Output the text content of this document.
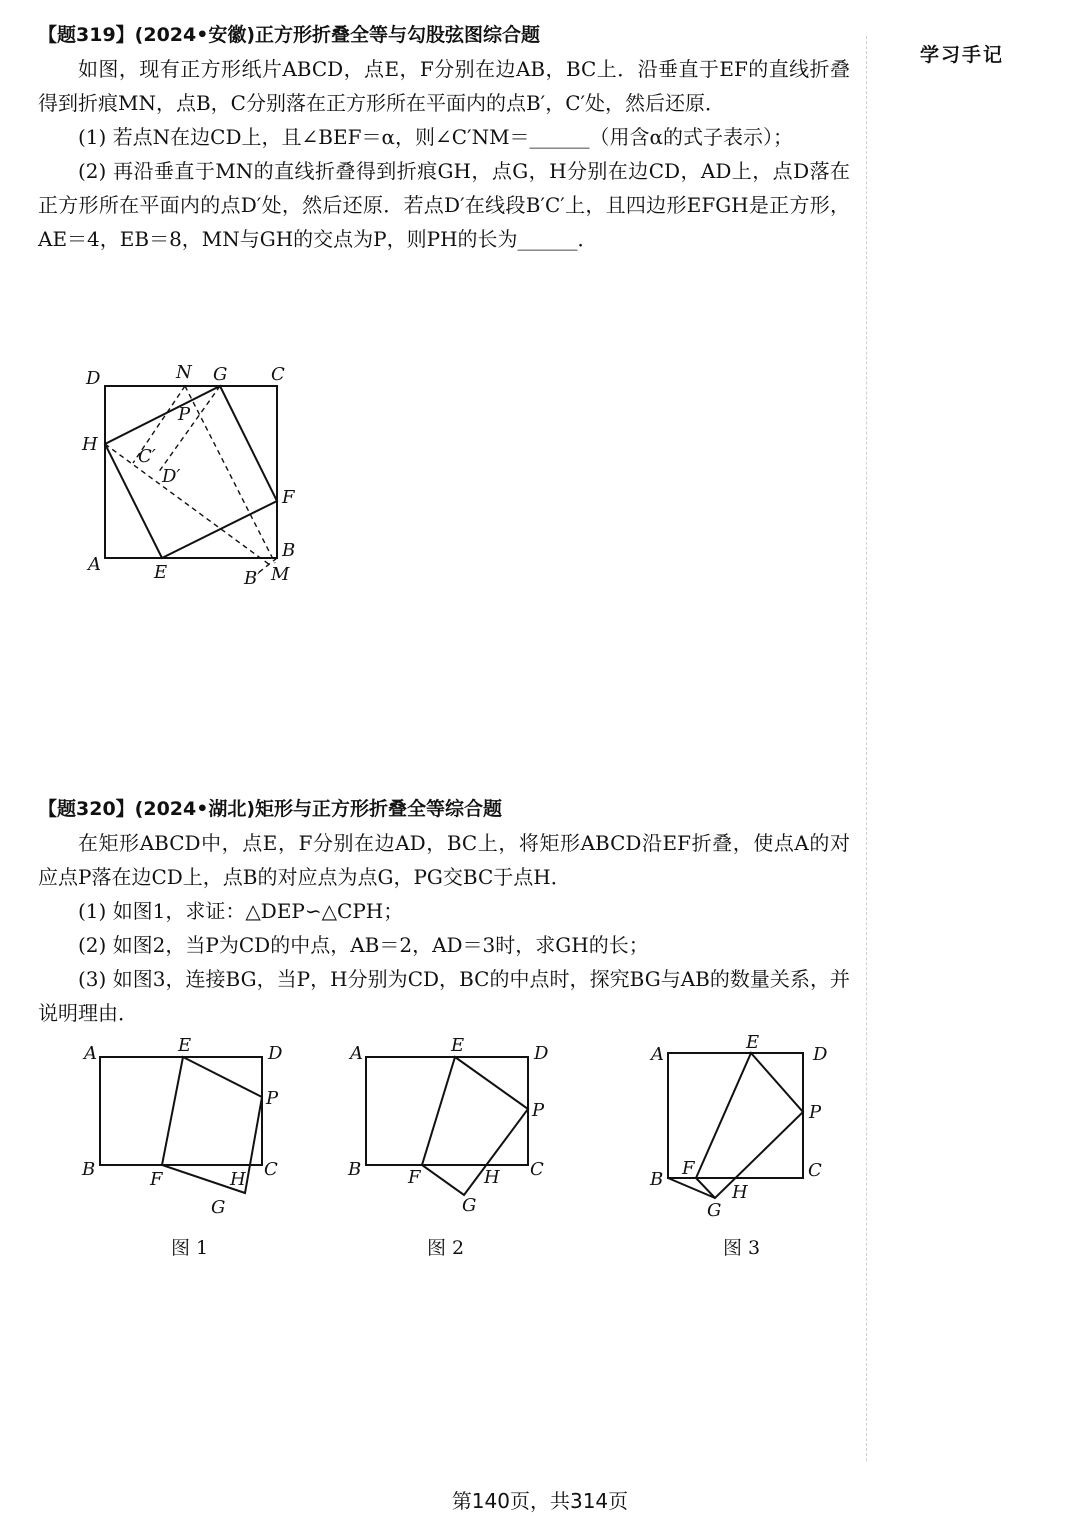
学习手记
【题319】(2024•安徽)正方形折叠全等与勾股弦图综合题

如图，现有正方形纸片ABCD，点E，F分别在边AB，BC上．沿垂直于EF的直线折叠得到折痕MN，点B，C分别落在正方形所在平面内的点B′，C′处，然后还原．

(1) 若点N在边CD上，且∠BEF＝α，则∠C′NM＝______（用含α的式子表示）；

(2) 再沿垂直于MN的直线折叠得到折痕GH，点G，H分别在边CD，AD上，点D落在正方形所在平面内的点D′处，然后还原．若点D′在线段B′C′上，且四边形EFGH是正方形，AE＝4，EB＝8，MN与GH的交点为P，则PH的长为______．

D	N G C
P
H
C′
D′
F
A	E
B
B′ M
【题320】(2024•湖北)矩形与正方形折叠全等综合题

在矩形ABCD中，点E，F分别在边AD，BC上，将矩形ABCD沿EF折叠，使点A的对应点P落在边CD上，点B的对应点为点G，PG交BC于点H．

(1) 如图1，求证：△DEP∽△CPH；

(2) 如图2，当P为CD的中点，AB＝2，AD＝3时，求GH的长；

(3) 如图3，连接BG，当P，H分别为CD，BC的中点时，探究BG与AB的数量关系，并说明理由．

A	E	D
P
B	C
F	H
G
A	E	D
P
B	C
F	H
G
A
E
D
P
B
F	C
H
G
图 1	图 2	图 3
第140页，共314页
